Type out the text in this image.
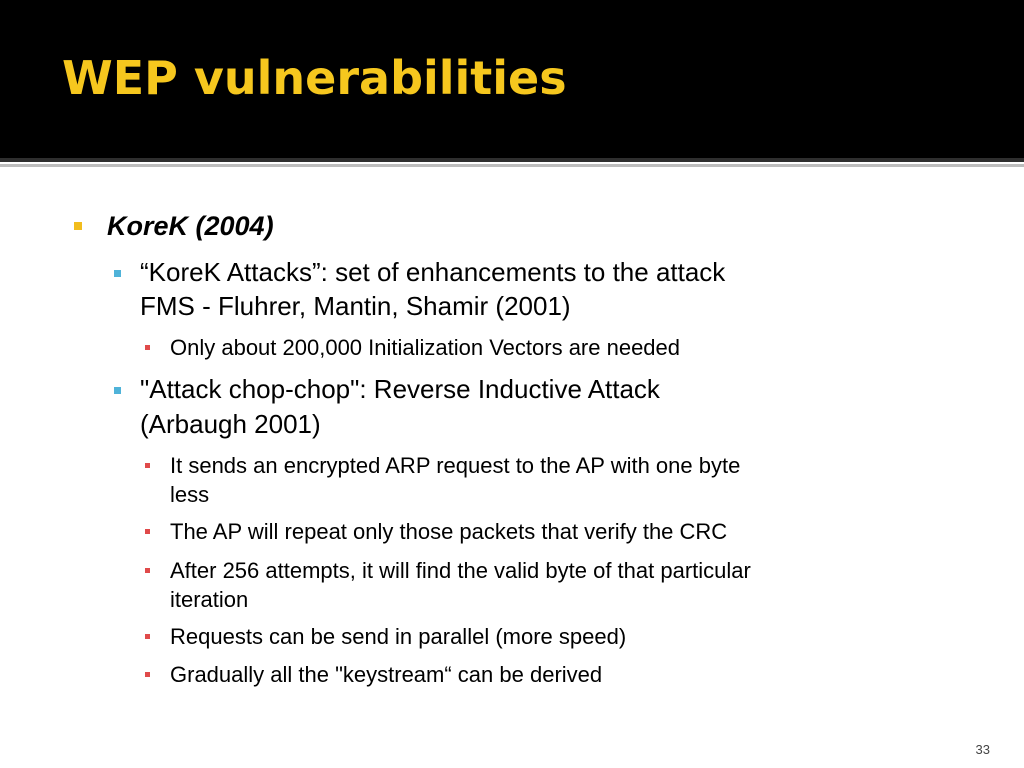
WEP vulnerabilities
KoreK (2004)
“KoreK Attacks”: set of enhancements to the attack
FMS - Fluhrer, Mantin, Shamir (2001)
Only about 200,000 Initialization Vectors are needed
"Attack chop-chop": Reverse Inductive Attack
(Arbaugh 2001)
It sends an encrypted ARP request to the AP with one byte
less
The AP will repeat only those packets that verify the CRC
After 256 attempts, it will find the valid byte of that particular
iteration
Requests can be send in parallel (more speed)
Gradually all the "keystream“ can be derived
33
